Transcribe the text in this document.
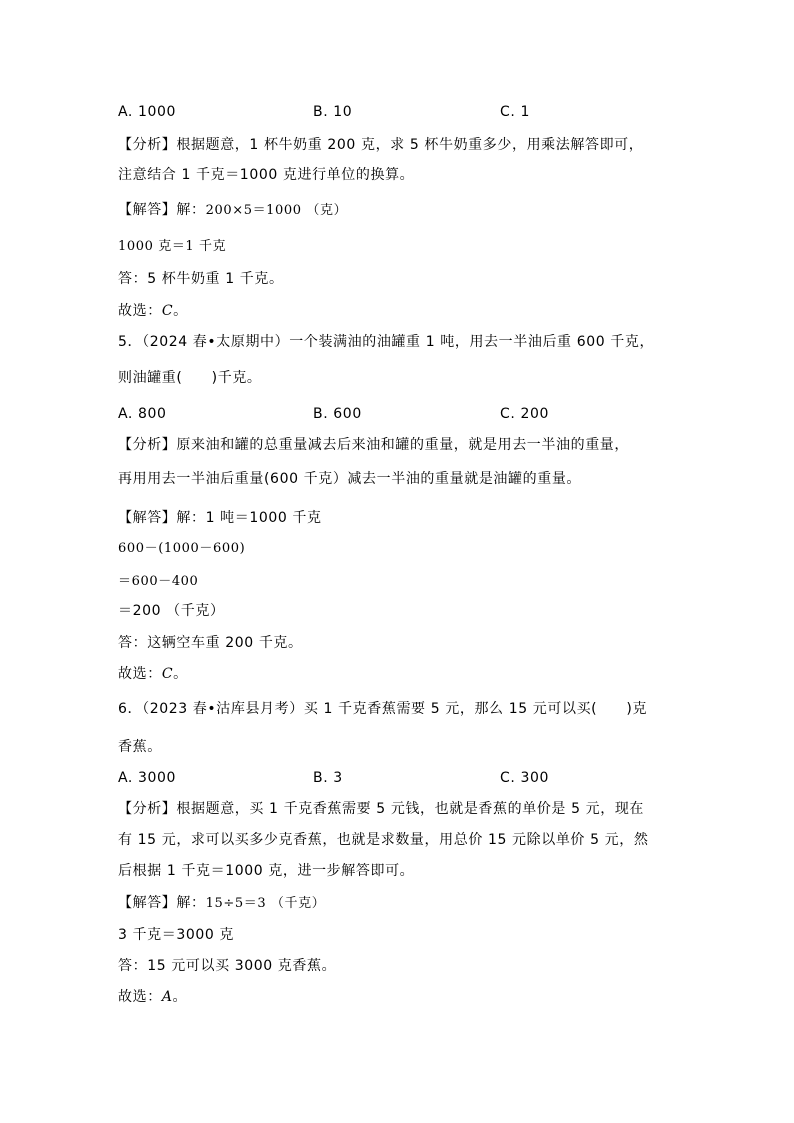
A. 1000	B. 10	C. 1
【分析】根据题意，1 杯牛奶重 200 克，求 5 杯牛奶重多少，用乘法解答即可，
注意结合 1 千克＝1000 克进行单位的换算。
【解答】解：200×5＝1000 （克）
1000 克＝1 千克
答：5 杯牛奶重 1 千克。
故选：C。
5．（2024 春•太原期中）一个装满油的油罐重 1 吨，用去一半油后重 600 千克，
则油罐重(　　)千克。
A. 800	B. 600	C. 200
【分析】原来油和罐的总重量减去后来油和罐的重量，就是用去一半油的重量，
再用用去一半油后重量(600 千克）减去一半油的重量就是油罐的重量。
【解答】解：1 吨＝1000 千克
600－(1000－600)
＝600－400
＝200 （千克）
答：这辆空车重 200 千克。
故选：C。
6．（2023 春•沽库县月考）买 1 千克香蕉需要 5 元，那么 15 元可以买(　　)克
香蕉。
A. 3000	B. 3	C. 300
【分析】根据题意，买 1 千克香蕉需要 5 元钱，也就是香蕉的单价是 5 元，现在
有 15 元，求可以买多少克香蕉，也就是求数量，用总价 15 元除以单价 5 元，然
后根据 1 千克＝1000 克，进一步解答即可。
【解答】解：15÷5＝3 （千克）
3 千克＝3000 克
答：15 元可以买 3000 克香蕉。
故选：A。
